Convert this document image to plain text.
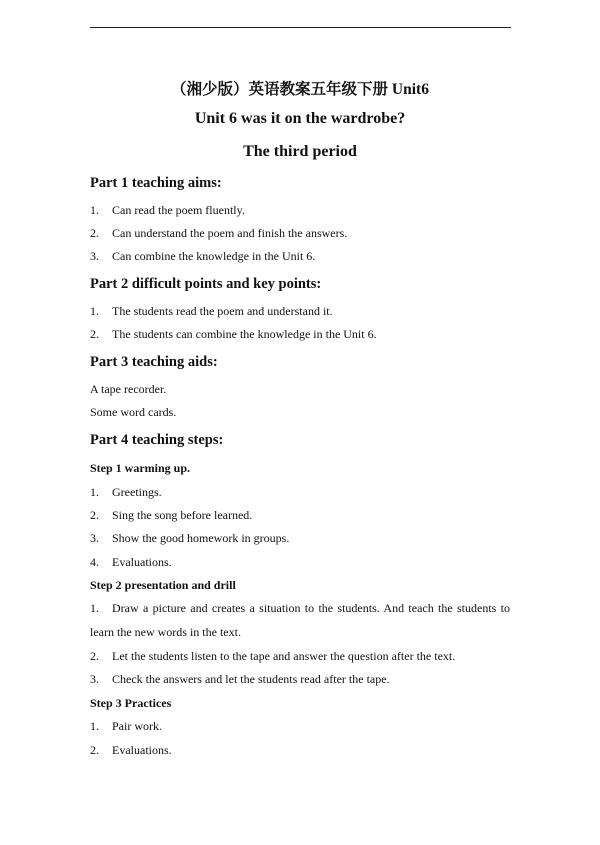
（湘少版）英语教案五年级下册 Unit6
Unit 6 was it on the wardrobe?
The third period
Part 1 teaching aims:
1. Can read the poem fluently.
2. Can understand the poem and finish the answers.
3. Can combine the knowledge in the Unit 6.
Part 2 difficult points and key points:
1. The students read the poem and understand it.
2. The students can combine the knowledge in the Unit 6.
Part 3 teaching aids:
A tape recorder.
Some word cards.
Part 4 teaching steps:
Step 1 warming up.
1. Greetings.
2. Sing the song before learned.
3. Show the good homework in groups.
4. Evaluations.
Step 2 presentation and drill
1. Draw a picture and creates a situation to the students. And teach the students to learn the new words in the text.
2. Let the students listen to the tape and answer the question after the text.
3. Check the answers and let the students read after the tape.
Step 3 Practices
1. Pair work.
2. Evaluations.
